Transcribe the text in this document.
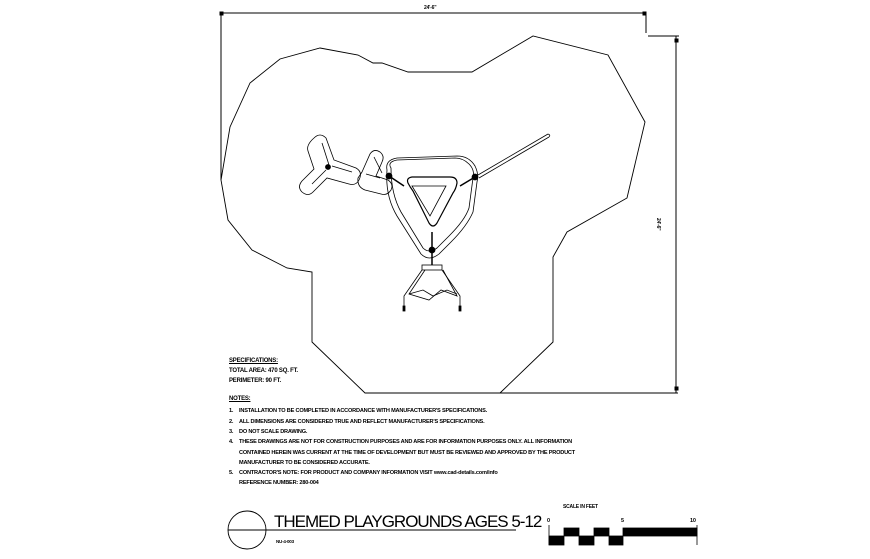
24'-6"
24'-6"
SPECIFICATIONS:
TOTAL AREA: 470 SQ. FT.
PERIMETER: 90 FT.
NOTES:
1. INSTALLATION TO BE COMPLETED IN ACCORDANCE WITH MANUFACTURER'S SPECIFICATIONS.
2. ALL DIMENSIONS ARE CONSIDERED TRUE AND REFLECT MANUFACTURER'S SPECIFICATIONS.
3. DO NOT SCALE DRAWING.
4. THESE DRAWINGS ARE NOT FOR CONSTRUCTION PURPOSES AND ARE FOR INFORMATION PURPOSES ONLY. ALL INFORMATION
CONTAINED HEREIN WAS CURRENT AT THE TIME OF DEVELOPMENT BUT MUST BE REVIEWED AND APPROVED BY THE PRODUCT
MANUFACTURER TO BE CONSIDERED ACCURATE.
5. CONTRACTOR'S NOTE: FOR PRODUCT AND COMPANY INFORMATION VISIT www.cad-details.com/info
REFERENCE NUMBER: 280-004
THEMED PLAYGROUNDS AGES 5-12
NU-4-003
SCALE IN FEET
0	5	10
